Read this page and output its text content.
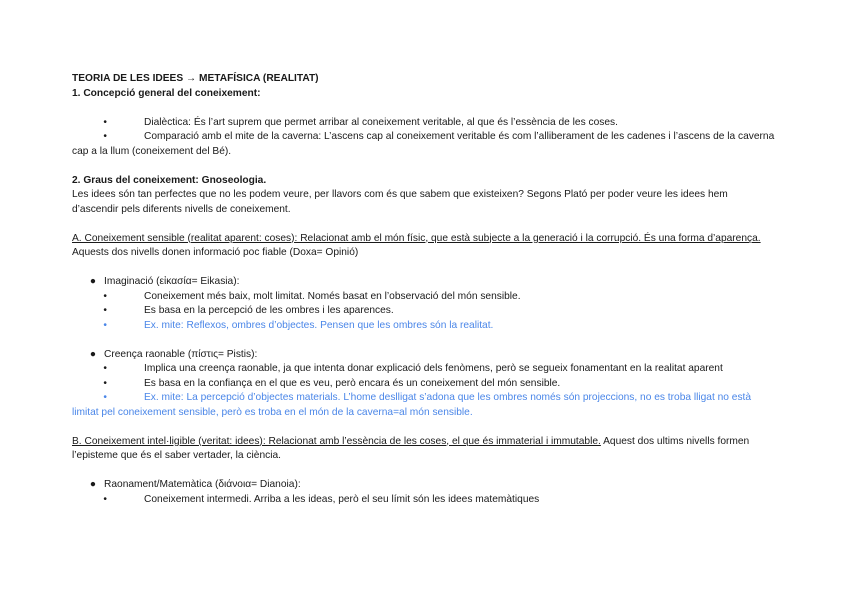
TEORIA DE LES IDEES → METAFÍSICA (REALITAT)
1. Concepció general del coneixement:
•	Dialèctica: És l’art suprem que permet arribar al coneixement veritable, al que és l’essència de les coses.
•	Comparació amb el mite de la caverna: L’ascens cap al coneixement veritable és com l’alliberament de les cadenes i l’ascens de la caverna cap a la llum (coneixement del Bé).
2. Graus del coneixement: Gnoseologia.
Les idees són tan perfectes que no les podem veure, per llavors com és que sabem que existeixen? Segons Plató per poder veure les idees hem d’ascendir pels diferents nivells de coneixement.
A. Coneixement sensible (realitat aparent: coses): Relacionat amb el món físic, que està subjecte a la generació i la corrupció. És una forma d’aparença. Aquests dos nivells donen informació poc fiable (Doxa= Opinió)
● Imaginació (εἰκασία= Eikasia):
•	Coneixement més baix, molt limitat. Només basat en l’observació del món sensible.
•	Es basa en la percepció de les ombres i les aparences.
•	Ex. mite: Reflexos, ombres d’objectes. Pensen que les ombres són la realitat.
● Creença raonable (πίστις= Pistis):
•	Implica una creença raonable, ja que intenta donar explicació dels fenòmens, però se segueix fonamentant en la realitat aparent
•	Es basa en la confiança en el que es veu, però encara és un coneixement del món sensible.
•	Ex. mite: La percepció d’objectes materials. L’home deslligat s’adona que les ombres només són projeccions, no es troba lligat no està limitat pel coneixement sensible, però es troba en el món de la caverna=al món sensible.
B. Coneixement intel·ligible (veritat: idees): Relacionat amb l’essència de les coses, el que és immaterial i immutable. Aquest dos ultims nivells formen l’episteme que és el saber vertader, la ciència.
● Raonament/Matemàtica (διάνοια= Dianoia):
•	Coneixement intermedi. Arriba a les ideas, però el seu límit són les idees matemàtiques
